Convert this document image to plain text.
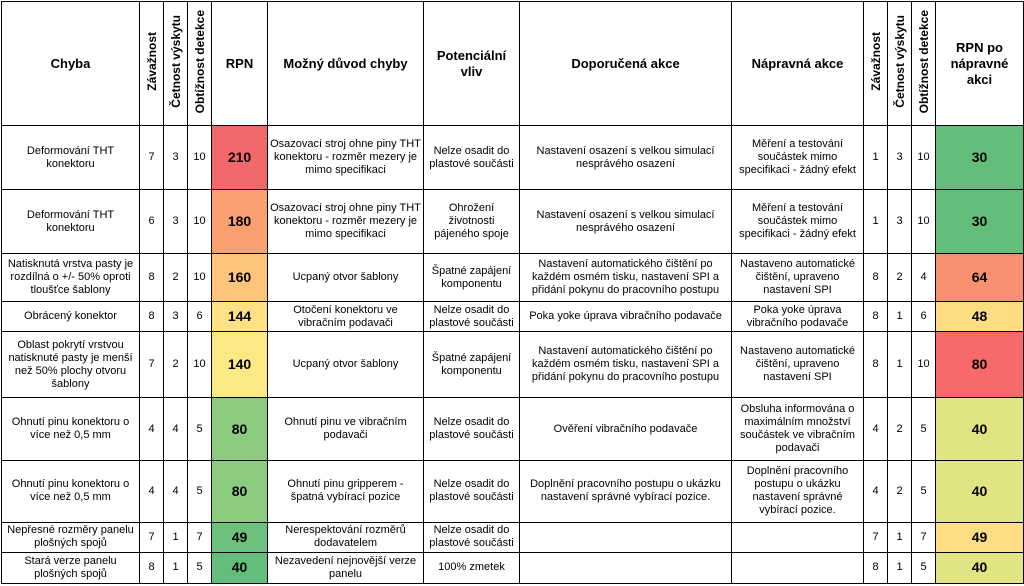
Chyba	Závažnost	Četnost výskytu	Obtížnost detekce	RPN	Možný důvod chyby	Potenciální vliv	Doporučená akce	Nápravná akce	Závažnost	Četnost výskytu	Obtížnost detekce	RPN po nápravné akci
Deformování THT konektoru	7	3	10	210	Osazovací stroj ohne piny THT konektoru - rozměr mezery je mimo specifikaci	Nelze osadit do plastové součásti	Nastavení osazení s velkou simulací nesprávého osazení	Měření a testování součástek mimo specifikaci - žádný efekt	1	3	10	30
Deformování THT konektoru	6	3	10	180	Osazovací stroj ohne piny THT konektoru - rozměr mezery je mimo specifikaci	Ohrožení životnosti pájeného spoje	Nastavení osazení s velkou simulací nesprávého osazení	Měření a testování součástek mimo specifikaci - žádný efekt	1	3	10	30
Natisknutá vrstva pasty je rozdílná o +/- 50% oproti tloušťce šablony	8	2	10	160	Ucpaný otvor šablony	Špatné zapájení komponentu	Nastavení automatického čištění po každém osmém tisku, nastavení SPI a přidání pokynu do pracovního postupu	Nastaveno automatické čištění, upraveno nastavení SPI	8	2	4	64
Obrácený konektor	8	3	6	144	Otočení konektoru ve vibračním podavači	Nelze osadit do plastové součásti	Poka yoke úprava vibračního podavače	Poka yoke úprava vibračního podavače	8	1	6	48
Oblast pokrytí vrstvou natisknuté pasty je menší než 50% plochy otvoru šablony	7	2	10	140	Ucpaný otvor šablony	Špatné zapájení komponentu	Nastavení automatického čištění po každém osmém tisku, nastavení SPI a přidání pokynu do pracovního postupu	Nastaveno automatické čištění, upraveno nastavení SPI	8	1	10	80
Ohnutí pinu konektoru o více než 0,5 mm	4	4	5	80	Ohnutí pinu ve vibračním podavači	Nelze osadit do plastové součásti	Ověření vibračního podavače	Obsluha informována o maximálním množství součástek ve vibračním podavači	4	2	5	40
Ohnutí pinu konektoru o více než 0,5 mm	4	4	5	80	Ohnutí pinu gripperem - špatná vybírací pozice	Nelze osadit do plastové součásti	Doplnění pracovního postupu o ukázku nastavení správné vybírací pozice.	Doplnění pracovního postupu o ukázku nastavení správné vybírací pozice.	4	2	5	40
Nepřesné rozměry panelu plošných spojů	7	1	7	49	Nerespektování rozměrů dodavatelem	Nelze osadit do plastové součásti			7	1	7	49
Stará verze panelu plošných spojů	8	1	5	40	Nezavedení nejnovější verze panelu	100% zmetek			8	1	5	40
